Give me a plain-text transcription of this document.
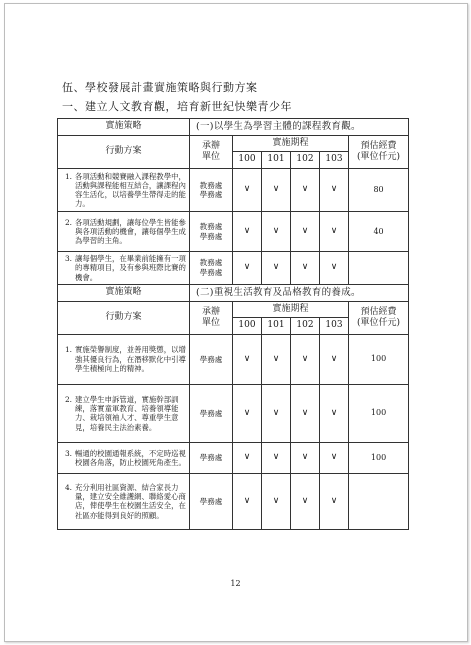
伍、學校發展計畫實施策略與行動方案
一、建立人文教育觀，培育新世紀快樂青少年
實施策略	(一)以學生為學習主體的課程教育觀。					
行動方案	承辦單位	實施期程				預估經費
(單位仟元)

		100	101	102	103	

1. 各項活動和競賽融入課程教學中，活動與課程能相互結合，讓課程內容生活化，以培養學生帶得走的能力。	教務處
學務處	∨	∨	∨	∨	80

2. 各項活動規劃，讓每位學生皆能參與各項活動的機會，讓每個學生成為學習的主角。	教務處
學務處	∨	∨	∨	∨	40

3. 讓每個學生，在畢業前能擁有一項的專精項目，及有參與班際比賽的機會。	教務處
學務處	∨	∨	∨	∨	
實施策略	(二)重視生活教育及品格教育的養成。					
行動方案	承辦單位	實施期程				預估經費
(單位仟元)

		100	101	102	103	

1. 實施榮譽制度，並善用獎懲，以增強其優良行為，在潛移默化中引導學生積極向上的精神。	學務處	∨	∨	∨	∨	100

2. 建立學生申訴管道，實施幹部訓練，落實童軍教育、培養領導能力、栽培領袖人才、尊重學生意見，培養民主法治素養。	學務處	∨	∨	∨	∨	100

3. 暢通的校園通報系統，不定時巡視校園各角落，防止校園死角產生。	學務處	∨	∨	∨	∨	100

4. 充分利用社區資源、結合家長力量，建立安全維護網、聯絡愛心商店，俾使學生在校園生活安全，在社區亦能得到良好的照顧。	學務處	∨	∨	∨	∨	
12
